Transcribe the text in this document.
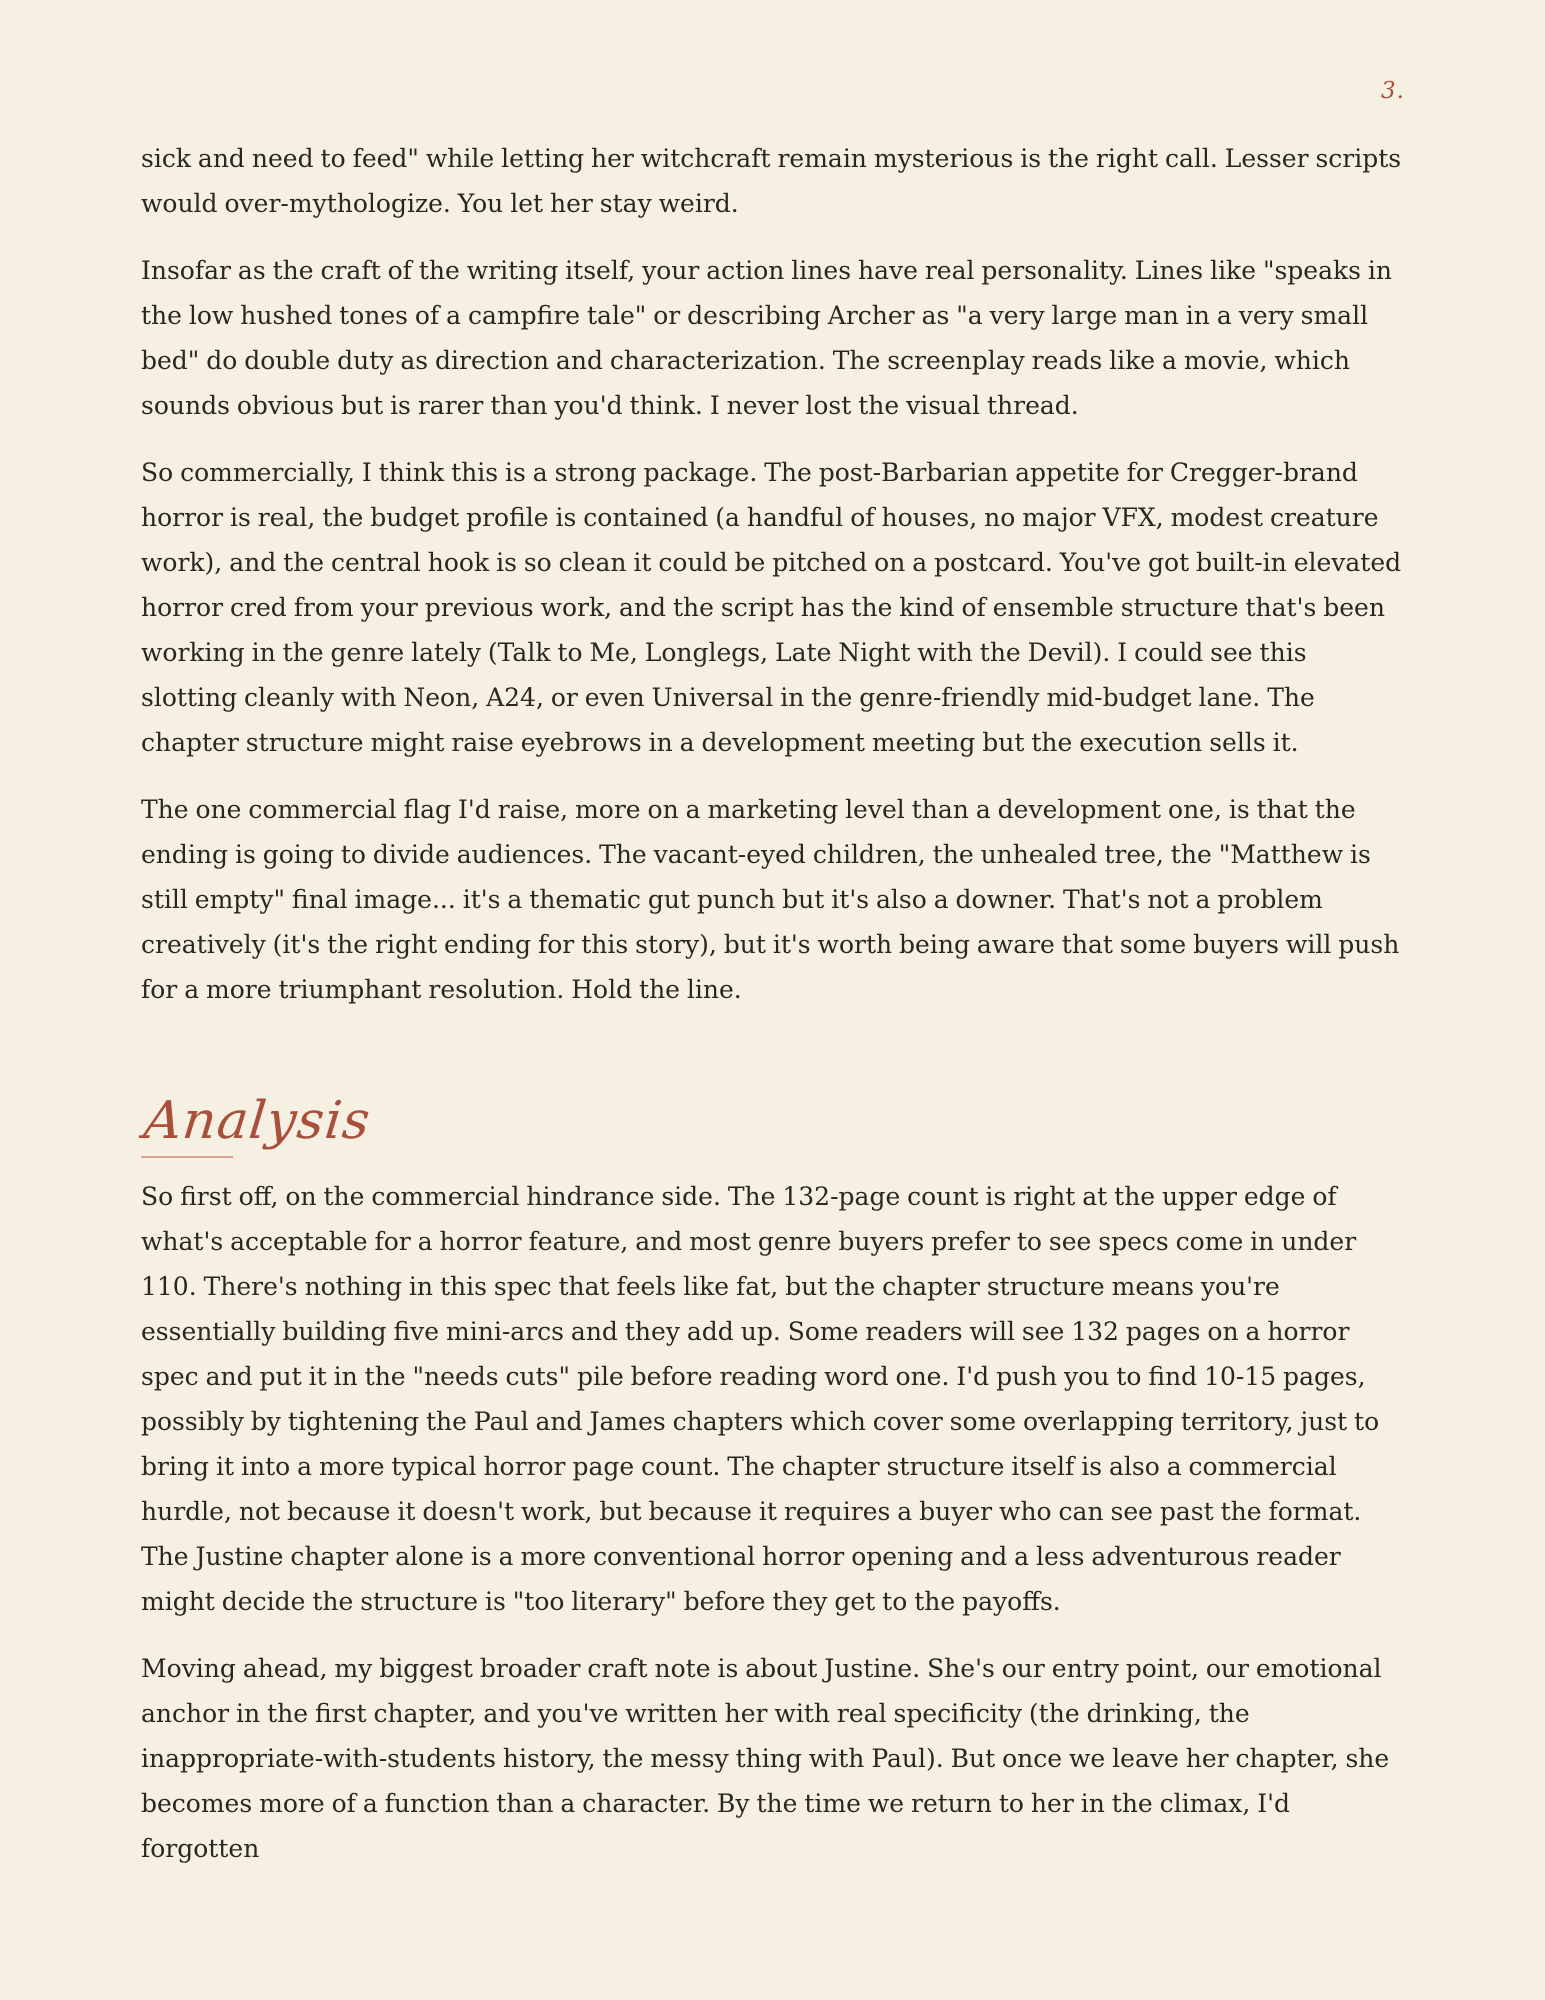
3.

sick and need to feed" while letting her witchcraft remain mysterious is the right call. Lesser scripts would over-mythologize. You let her stay weird.

Insofar as the craft of the writing itself, your action lines have real personality. Lines like "speaks in the low hushed tones of a campfire tale" or describing Archer as "a very large man in a very small bed" do double duty as direction and characterization. The screenplay reads like a movie, which sounds obvious but is rarer than you'd think. I never lost the visual thread.

So commercially, I think this is a strong package. The post-Barbarian appetite for Cregger-brand horror is real, the budget profile is contained (a handful of houses, no major VFX, modest creature work), and the central hook is so clean it could be pitched on a postcard. You've got built-in elevated horror cred from your previous work, and the script has the kind of ensemble structure that's been working in the genre lately (Talk to Me, Longlegs, Late Night with the Devil). I could see this slotting cleanly with Neon, A24, or even Universal in the genre-friendly mid-budget lane. The chapter structure might raise eyebrows in a development meeting but the execution sells it.

The one commercial flag I'd raise, more on a marketing level than a development one, is that the ending is going to divide audiences. The vacant-eyed children, the unhealed tree, the "Matthew is still empty" final image... it's a thematic gut punch but it's also a downer. That's not a problem creatively (it's the right ending for this story), but it's worth being aware that some buyers will push for a more triumphant resolution. Hold the line.

Analysis

So first off, on the commercial hindrance side. The 132-page count is right at the upper edge of what's acceptable for a horror feature, and most genre buyers prefer to see specs come in under 110. There's nothing in this spec that feels like fat, but the chapter structure means you're essentially building five mini-arcs and they add up. Some readers will see 132 pages on a horror spec and put it in the "needs cuts" pile before reading word one. I'd push you to find 10-15 pages, possibly by tightening the Paul and James chapters which cover some overlapping territory, just to bring it into a more typical horror page count. The chapter structure itself is also a commercial hurdle, not because it doesn't work, but because it requires a buyer who can see past the format. The Justine chapter alone is a more conventional horror opening and a less adventurous reader might decide the structure is "too literary" before they get to the payoffs.

Moving ahead, my biggest broader craft note is about Justine. She's our entry point, our emotional anchor in the first chapter, and you've written her with real specificity (the drinking, the inappropriate-with-students history, the messy thing with Paul). But once we leave her chapter, she becomes more of a function than a character. By the time we return to her in the climax, I'd forgotten
